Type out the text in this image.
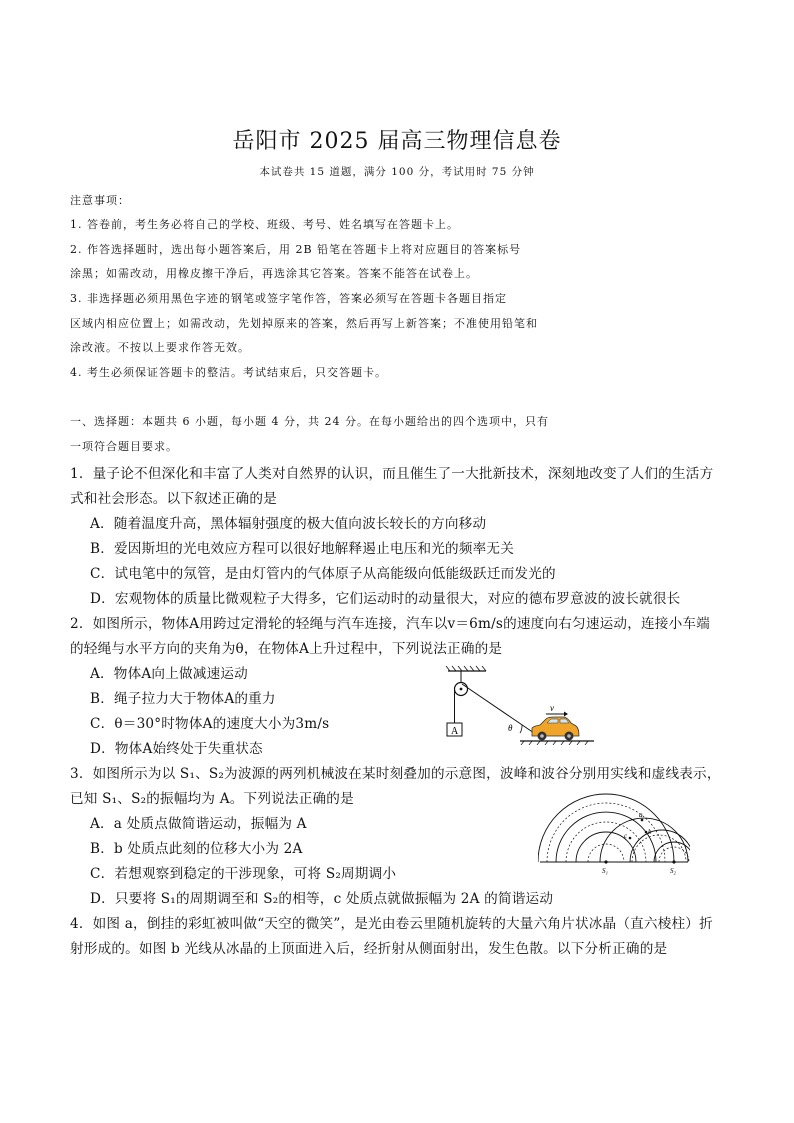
岳阳市 2025 届高三物理信息卷
本试卷共 15 道题，满分 100 分，考试用时 75 分钟
注意事项：
1. 答卷前，考生务必将自己的学校、班级、考号、姓名填写在答题卡上。
2. 作答选择题时，选出每小题答案后，用 2B 铅笔在答题卡上将对应题目的答案标号
涂黑；如需改动，用橡皮擦干净后，再选涂其它答案。答案不能答在试卷上。
3. 非选择题必须用黑色字迹的钢笔或签字笔作答，答案必须写在答题卡各题目指定
区域内相应位置上；如需改动，先划掉原来的答案，然后再写上新答案；不准使用铅笔和
涂改液。不按以上要求作答无效。
4. 考生必须保证答题卡的整洁。考试结束后，只交答题卡。
一、选择题：本题共 6 小题，每小题 4 分，共 24 分。在每小题给出的四个选项中，只有
一项符合题目要求。
1．量子论不但深化和丰富了人类对自然界的认识，而且催生了一大批新技术，深刻地改变了人们的生活方
式和社会形态。以下叙述正确的是
A．随着温度升高，黑体辐射强度的极大值向波长较长的方向移动
B．爱因斯坦的光电效应方程可以很好地解释遏止电压和光的频率无关
C．试电笔中的氖管，是由灯管内的气体原子从高能级向低能级跃迁而发光的
D．宏观物体的质量比微观粒子大得多，它们运动时的动量很大，对应的德布罗意波的波长就很长
2．如图所示，物体A用跨过定滑轮的轻绳与汽车连接，汽车以v＝6m/s的速度向右匀速运动，连接小车端
的轻绳与水平方向的夹角为θ，在物体A上升过程中，下列说法正确的是
A．物体A向上做减速运动
B．绳子拉力大于物体A的重力
C．θ＝30°时物体A的速度大小为3m/s
D．物体A始终处于失重状态
A	θ
v
3．如图所示为以 S₁、S₂为波源的两列机械波在某时刻叠加的示意图，波峰和波谷分别用实线和虚线表示，
已知 S₁、S₂的振幅均为 A。下列说法正确的是
A．a 处质点做简谐运动，振幅为 A
B．b 处质点此刻的位移大小为 2A
C．若想观察到稳定的干涉现象，可将 S₂周期调小
D．只要将 S₁的周期调至和 S₂的相等，c 处质点就做振幅为 2A 的简谐运动
a
b
c
S₁	S₂
4．如图 a，倒挂的彩虹被叫做“天空的微笑”，是光由卷云里随机旋转的大量六角片状冰晶（直六棱柱）折
射形成的。如图 b 光线从冰晶的上顶面进入后，经折射从侧面射出，发生色散。以下分析正确的是
